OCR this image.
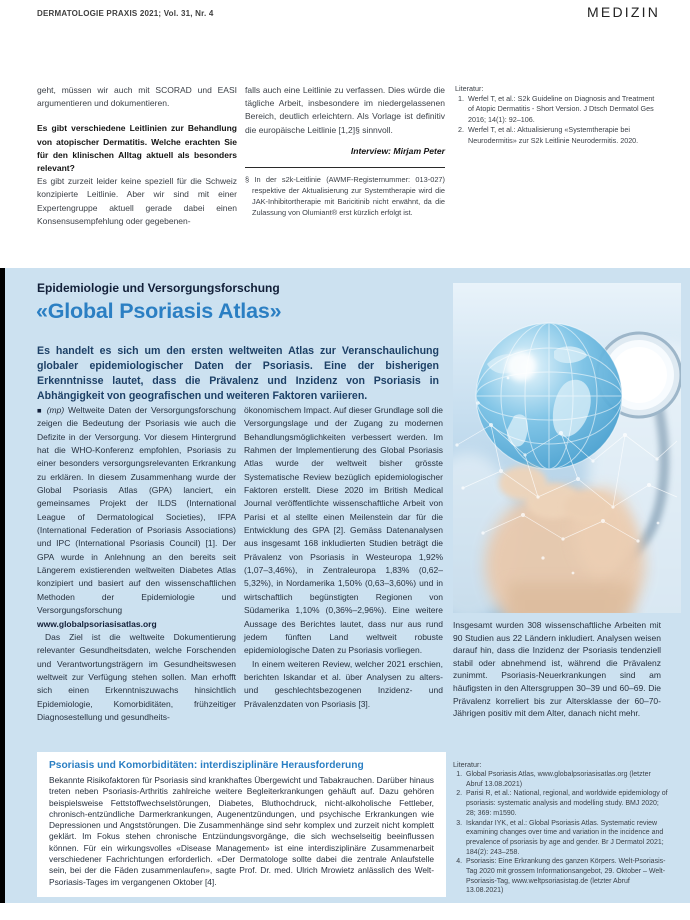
DERMATOLOGIE PRAXIS 2021; Vol. 31, Nr. 4	MEDIZIN
geht, müssen wir auch mit SCORAD und EASI argumentieren und dokumentieren.
Es gibt verschiedene Leitlinien zur Behandlung von atopischer Dermatitis. Welche erachten Sie für den klinischen Alltag aktuell als besonders relevant?
Es gibt zurzeit leider keine speziell für die Schweiz konzipierte Leitlinie. Aber wir sind mit einer Expertengruppe aktuell gerade dabei einen Konsensusempfehlung oder gegebenen-
falls auch eine Leitlinie zu verfassen. Dies würde die tägliche Arbeit, insbesondere im niedergelassenen Bereich, deutlich erleichtern. Als Vorlage ist definitiv die europäische Leitlinie [1,2]§ sinnvoll.
Interview: Mirjam Peter
§ In der s2k-Leitlinie (AWMF-Registernummer: 013-027) respektive der Aktualisierung zur Systemtherapie wird die JAK-Inhibitortherapie mit Baricitinib nicht erwähnt, da die Zulassung von Olumiant® erst kürzlich erfolgt ist.
Literatur:
1. Werfel T, et al.: S2k Guideline on Diagnosis and Treatment of Atopic Dermatitis - Short Version. J Dtsch Dermatol Ges 2016; 14(1): 92–106.
2. Werfel T, et al.: Aktualisierung «Systemtherapie bei Neurodermitis» zur S2k Leitlinie Neurodermitis. 2020.
Epidemiologie und Versorgungsforschung
«Global Psoriasis Atlas»
Es handelt es sich um den ersten weltweiten Atlas zur Veranschaulichung globaler epidemiologischer Daten der Psoriasis. Eine der bisherigen Erkenntnisse lautet, dass die Prävalenz und Inzidenz von Psoriasis in Abhängigkeit von geografischen und weiteren Faktoren variieren.
■ (mp) Weltweite Daten der Versorgungsforschung zeigen die Bedeutung der Psoriasis wie auch die Defizite in der Versorgung. Vor diesem Hintergrund hat die WHO-Konferenz empfohlen, Psoriasis zu einer besonders versorgungsrelevanten Erkrankung zu erklären. In diesem Zusammenhang wurde der Global Psoriasis Atlas (GPA) lanciert, ein gemeinsames Projekt der ILDS (International League of Dermatological Societies), IFPA (International Federation of Psoriasis Associations) und IPC (International Psoriasis Council) [1]. Der GPA wurde in Anlehnung an den bereits seit Längerem existierenden weltweiten Diabetes Atlas konzipiert und basiert auf den wissenschaftlichen Methoden der Epidemiologie und Versorgungsforschung www.globalpsoriasisatlas.org
Das Ziel ist die weltweite Dokumentierung relevanter Gesundheitsdaten, welche Forschenden und Verantwortungsträgern im Gesundheitswesen weltweit zur Verfügung stehen sollen. Man erhofft sich einen Erkenntniszuwachs hinsichtlich Epidemiologie, Komorbiditäten, frühzeitiger Diagnosestellung und gesundheits-
ökonomischem Impact. Auf dieser Grundlage soll die Versorgungslage und der Zugang zu modernen Behandlungsmöglichkeiten verbessert werden. Im Rahmen der Implementierung des Global Psoriasis Atlas wurde der weltweit bisher grösste Systematische Review bezüglich epidemiologischer Faktoren erstellt. Diese 2020 im British Medical Journal veröffentlichte wissenschaftliche Arbeit von Parisi et al stellte einen Meilenstein dar für die Entwicklung des GPA [2]. Gemäss Datenanalysen aus insgesamt 168 inkludierten Studien beträgt die Prävalenz von Psoriasis in Westeuropa 1,92% (1,07–3,46%), in Zentraleuropa 1,83% (0,62–5,32%), in Nordamerika 1,50% (0,63–3,60%) und in wirtschaftlich begünstigten Regionen von Südamerika 1,10% (0,36%–2,96%). Eine weitere Aussage des Berichtes lautet, dass nur aus rund jedem fünften Land weltweit robuste epidemiologische Daten zu Psoriasis vorliegen.
In einem weiteren Review, welcher 2021 erschien, berichten Iskandar et al. über Analysen zu alters- und geschlechtsbezogenen Inzidenz- und Prävalenzdaten von Psoriasis [3].
Psoriasis und Komorbiditäten: interdisziplinäre Herausforderung
Bekannte Risikofaktoren für Psoriasis sind krankhaftes Übergewicht und Tabakrauchen. Darüber hinaus treten neben Psoriasis-Arthritis zahlreiche weitere Begleiterkrankungen gehäuft auf. Dazu gehören beispielsweise Fettstoffwechselstörungen, Diabetes, Bluthochdruck, nicht-alkoholische Fettleber, chronisch-entzündliche Darmerkrankungen, Augenentzündungen, und psychische Erkrankungen wie Depressionen und Angststörungen. Die Zusammenhänge sind sehr komplex und zurzeit nicht komplett geklärt. Im Fokus stehen chronische Entzündungsvorgänge, die sich wechselseitig beeinflussen können. Für ein wirkungsvolles «Disease Management» ist eine interdisziplinäre Zusammenarbeit verschiedener Fachrichtungen erforderlich. «Der Dermatologe sollte dabei die zentrale Anlaufstelle sein, bei der die Fäden zusammenlaufen», sagte Prof. Dr. med. Ulrich Mrowietz anlässlich des Welt-Psoriasis-Tages im vergangenen Oktober [4].
Insgesamt wurden 308 wissenschaftliche Arbeiten mit 90 Studien aus 22 Ländern inkludiert. Analysen weisen darauf hin, dass die Inzidenz der Psoriasis tendenziell stabil oder abnehmend ist, während die Prävalenz zunimmt. Psoriasis-Neuerkrankungen sind am häufigsten in den Altersgruppen 30–39 und 60–69. Die Prävalenz korreliert bis zur Altersklasse der 60–70-Jährigen positiv mit dem Alter, danach nicht mehr.
Literatur:
1. Global Psoriasis Atlas, www.globalpsoriasisatlas.org (letzter Abruf 13.08.2021)
2. Parisi R, et al.: National, regional, and worldwide epidemiology of psoriasis: systematic analysis and modelling study. BMJ 2020; 28; 369: m1590.
3. Iskandar IYK, et al.: Global Psoriasis Atlas. Systematic review examining changes over time and variation in the incidence and prevalence of psoriasis by age and gender. Br J Dermatol 2021; 184(2): 243–258.
4. Psoriasis: Eine Erkrankung des ganzen Körpers. Welt-Psoriasis-Tag 2020 mit grossem Informationsangebot, 29. Oktober – Welt-Psoriasis-Tag, www.weltpsoriasistag.de (letzter Abruf 13.08.2021)
